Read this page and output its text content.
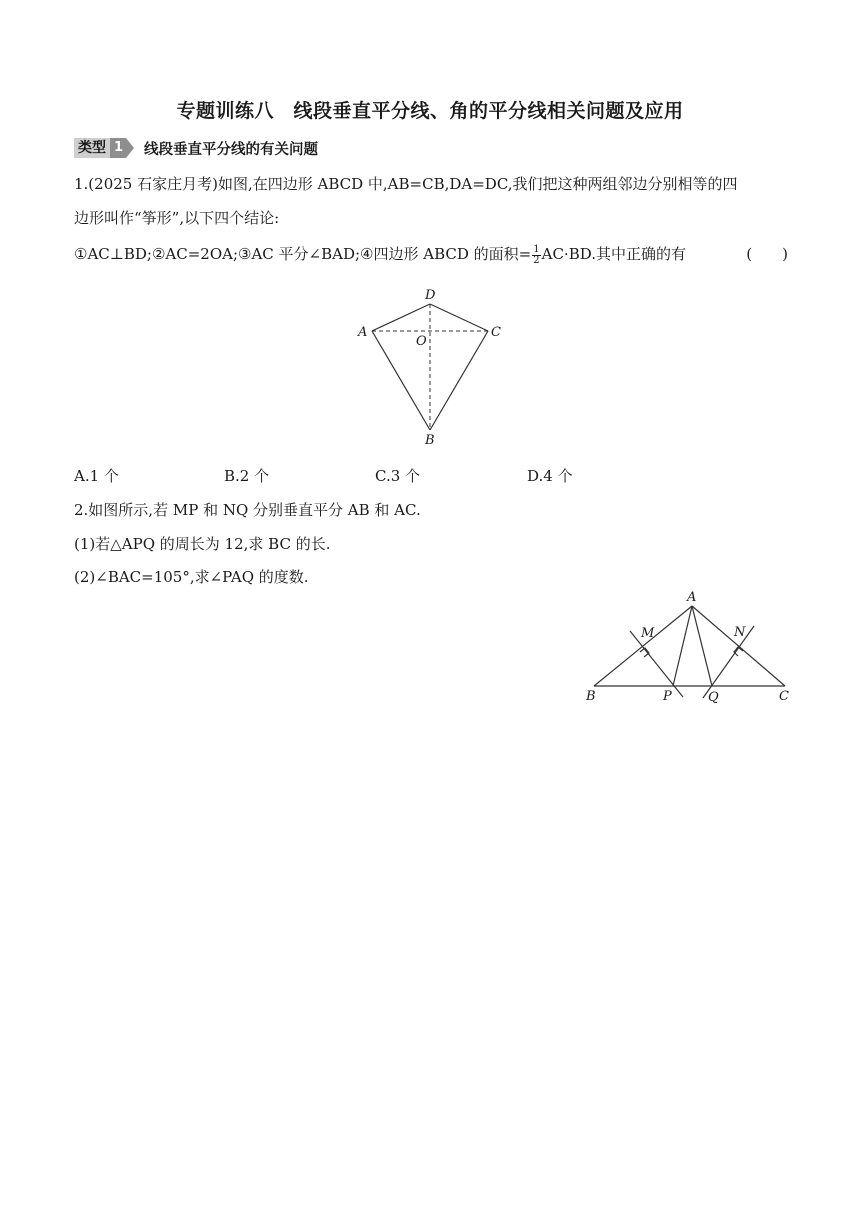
专题训练八　线段垂直平分线、角的平分线相关问题及应用
类型 1 线段垂直平分线的有关问题
1.(2025 石家庄月考)如图,在四边形 ABCD 中,AB=CB,DA=DC,我们把这种两组邻边分别相等的四
边形叫作“筝形”,以下四个结论:
①AC⊥BD;②AC=2OA;③AC 平分∠BAD;④四边形 ABCD 的面积= $\frac{1}{2} AC\cdot BD$.其中正确的有	(　　)
A
D
C
O
B
A.1 个	B.2 个	C.3 个	D.4 个
2.如图所示,若 MP 和 NQ 分别垂直平分 AB 和 AC.
(1)若△APQ 的周长为 12,求 BC 的长.
(2)∠BAC=105°,求∠PAQ 的度数.
A
M	N
B	P	Q	C
